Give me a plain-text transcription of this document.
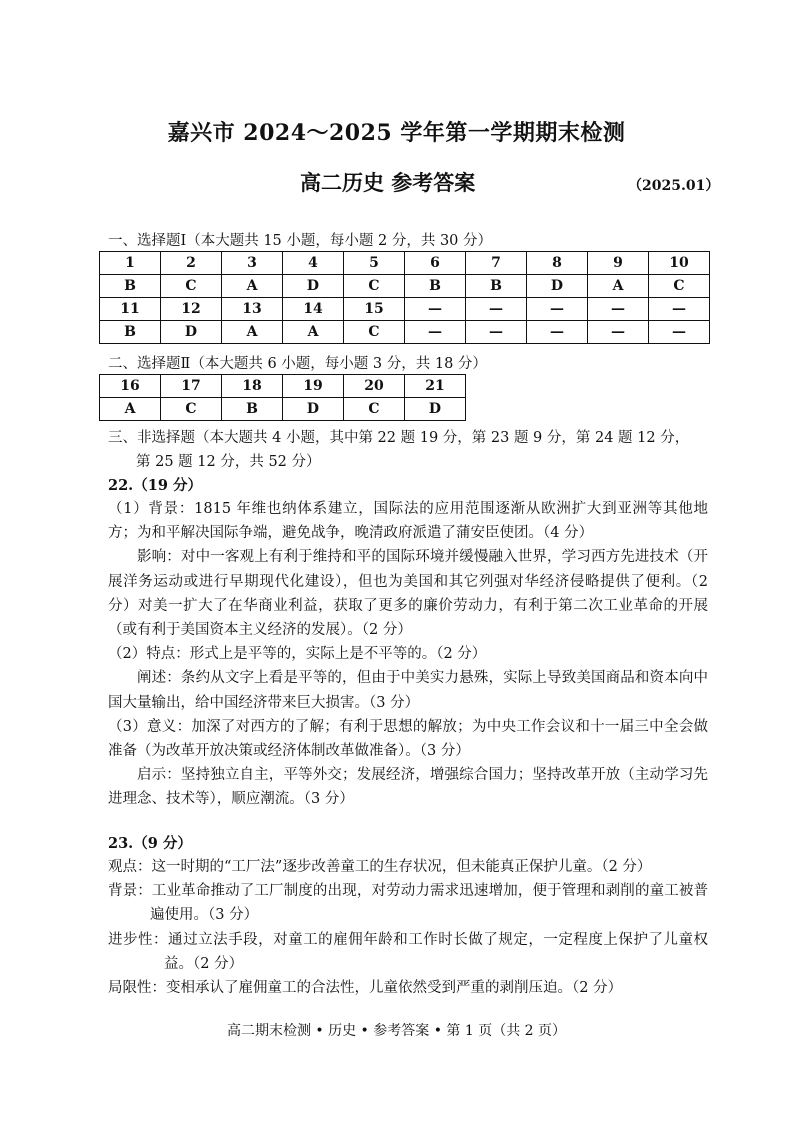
嘉兴市 2024～2025 学年第一学期期末检测
高二历史 参考答案	（2025.01）
一、选择题Ⅰ（本大题共 15 小题，每小题 2 分，共 30 分）
1	2	3	4	5	6	7	8	9	10
B	C	A	D	C	B	B	D	A	C
11	12	13	14	15	—	—	—	—	—
B	D	A	A	C	—	—	—	—	—
二、选择题Ⅱ（本大题共 6 小题，每小题 3 分，共 18 分）
16	17	18	19	20	21
A	C	B	D	C	D
三、非选择题（本大题共 4 小题，其中第 22 题 19 分，第 23 题 9 分，第 24 题 12 分，
第 25 题 12 分，共 52 分）
22.（19 分）
（1）背景：1815 年维也纳体系建立，国际法的应用范围逐渐从欧洲扩大到亚洲等其他地方；为和平解决国际争端，避免战争，晚清政府派遣了蒲安臣使团。（4 分）
影响：对中一客观上有利于维持和平的国际环境并缓慢融入世界，学习西方先进技术（开展洋务运动或进行早期现代化建设），但也为美国和其它列强对华经济侵略提供了便利。（2 分）对美一扩大了在华商业利益，获取了更多的廉价劳动力，有利于第二次工业革命的开展（或有利于美国资本主义经济的发展）。（2 分）
（2）特点：形式上是平等的，实际上是不平等的。（2 分）
阐述：条约从文字上看是平等的，但由于中美实力悬殊，实际上导致美国商品和资本向中国大量输出，给中国经济带来巨大损害。（3 分）
（3）意义：加深了对西方的了解；有利于思想的解放；为中央工作会议和十一届三中全会做准备（为改革开放决策或经济体制改革做准备）。（3 分）
启示：坚持独立自主，平等外交；发展经济，增强综合国力；坚持改革开放（主动学习先进理念、技术等），顺应潮流。（3 分）
23.（9 分）
观点：这一时期的“工厂法”逐步改善童工的生存状况，但未能真正保护儿童。（2 分）
背景：工业革命推动了工厂制度的出现，对劳动力需求迅速增加，便于管理和剥削的童工被普遍使用。（3 分）
进步性：通过立法手段，对童工的雇佣年龄和工作时长做了规定，一定程度上保护了儿童权益。（2 分）
局限性：变相承认了雇佣童工的合法性，儿童依然受到严重的剥削压迫。（2 分）
高二期末检测 • 历史 • 参考答案 • 第 1 页（共 2 页）
